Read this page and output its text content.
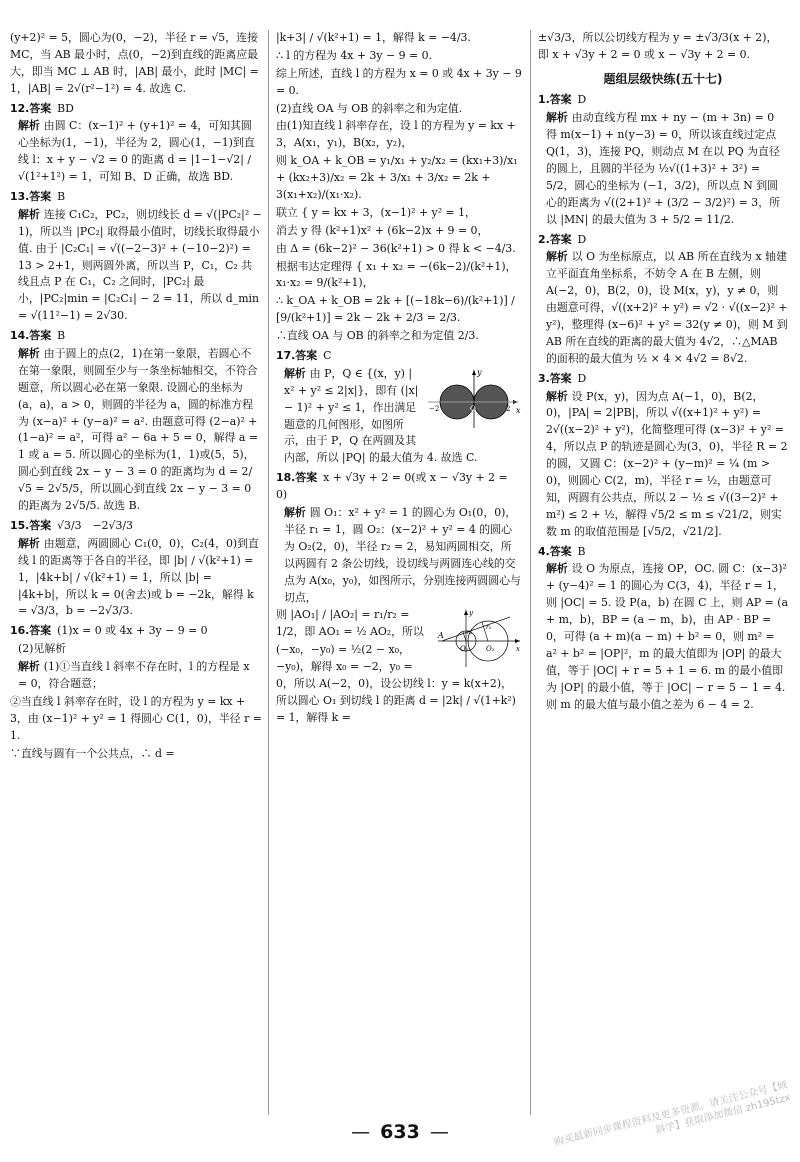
(y+2)² = 5，圆心为(0，−2)，半径 r = √5，连接 MC，当 AB 最小时，点(0，−2)到直线的距离应最大，即当 MC ⊥ AB 时，|AB| 最小，此时 |MC| = 1，|AB| = 2√(r²−1²) = 4. 故选 C.

12.答案 BD

解析 由圆 C：(x−1)² + (y+1)² = 4，可知其圆心坐标为(1，−1)，半径为 2，圆心(1，−1)到直线 l：x + y − √2 = 0 的距离 d = |1−1−√2| / √(1²+1²) = 1，可知 B、D 正确，故选 BD.

13.答案 B

解析 连接 C₁C₂，PC₂，则切线长 d = √(|PC₂|² − 1)，所以当 |PC₂| 取得最小值时，切线长取得最小值. 由于 |C₂C₁| = √((−2−3)² + (−10−2)²) = 13 > 2+1，则两圆外离，所以当 P，C₁，C₂ 共线且点 P 在 C₁，C₂ 之间时，|PC₂| 最小，|PC₂|min = |C₂C₁| − 2 = 11，所以 d_min = √(11²−1) = 2√30.

14.答案 B

解析 由于圆上的点(2，1)在第一象限，若圆心不在第一象限，则圆至少与一条坐标轴相交，不符合题意，所以圆心必在第一象限. 设圆心的坐标为(a，a)，a > 0，则圆的半径为 a，圆的标准方程为 (x−a)² + (y−a)² = a². 由题意可得 (2−a)² + (1−a)² = a²，可得 a² − 6a + 5 = 0，解得 a = 1 或 a = 5. 所以圆心的坐标为(1，1)或(5，5)，圆心到直线 2x − y − 3 = 0 的距离均为 d = 2/√5 = 2√5/5，所以圆心到直线 2x − y − 3 = 0 的距离为 2√5/5. 故选 B.

15.答案 √3/3　−2√3/3

解析 由题意，两圆圆心 C₁(0，0)，C₂(4，0)到直线 l 的距离等于各自的半径，即 |b| / √(k²+1) = 1，|4k+b| / √(k²+1) = 1，所以 |b| = |4k+b|，所以 k = 0(舍去)或 b = −2k，解得 k = √3/3，b = −2√3/3.

16.答案 (1)x = 0 或 4x + 3y − 9 = 0

(2)见解析

解析 (1)①当直线 l 斜率不存在时，l 的方程是 x = 0，符合题意；

②当直线 l 斜率存在时，设 l 的方程为 y = kx + 3，由 (x−1)² + y² = 1 得圆心 C(1，0)，半径 r = 1.

∵直线与圆有一个公共点，∴ d =

|k+3| / √(k²+1) = 1，解得 k = −4/3.

∴ l 的方程为 4x + 3y − 9 = 0.

综上所述，直线 l 的方程为 x = 0 或 4x + 3y − 9 = 0.

(2)直线 OA 与 OB 的斜率之和为定值.

由(1)知直线 l 斜率存在，设 l 的方程为 y = kx + 3，A(x₁，y₁)，B(x₂，y₂)，

则 k_OA + k_OB = y₁/x₁ + y₂/x₂ = (kx₁+3)/x₁ + (kx₂+3)/x₂ = 2k + 3/x₁ + 3/x₂ = 2k + 3(x₁+x₂)/(x₁·x₂).

联立 { y = kx + 3，(x−1)² + y² = 1，

消去 y 得 (k²+1)x² + (6k−2)x + 9 = 0，

由 Δ = (6k−2)² − 36(k²+1) > 0 得 k < −4/3.

根据韦达定理得 { x₁ + x₂ = −(6k−2)/(k²+1)，x₁·x₂ = 9/(k²+1)，

∴ k_OA + k_OB = 2k + [(−18k−6)/(k²+1)] / [9/(k²+1)] = 2k − 2k + 2/3 = 2/3.

∴直线 OA 与 OB 的斜率之和为定值 2/3.

17.答案 C

x
y
O
−2	2
解析 由 P，Q ∈ {(x，y) | x² + y² ≤ 2|x|}，即有 (|x| − 1)² + y² ≤ 1，作出满足题意的几何图形，如图所示，由于 P，Q 在两圆及其内部，所以 |PQ| 的最大值为 4. 故选 C.

18.答案 x + √3y + 2 = 0(或 x − √3y + 2 = 0)

解析 圆 O₁：x² + y² = 1 的圆心为 O₁(0，0)，半径 r₁ = 1，圆 O₂：(x−2)² + y² = 4 的圆心为 O₂(2，0)，半径 r₂ = 2，易知两圆相交，所以两圆有 2 条公切线，设切线与两圆连心线的交点为 A(x₀，y₀)，如图所示，分别连接两圆圆心与切点，

A
O₁ O₂
r₁
r₂
x
y
则 |AO₁| / |AO₂| = r₁/r₂ = 1/2，即 AO₁ = ½ AO₂，所以

(−x₀，−y₀) = ½(2 − x₀，−y₀)，解得 x₀ = −2，y₀ = 0，所以 A(−2，0)，设公切线 l：y = k(x+2)，所以圆心 O₁ 到切线 l 的距离 d = |2k| / √(1+k²) = 1，解得 k =

±√3/3，所以公切线方程为 y = ±√3/3(x + 2)，即 x + √3y + 2 = 0 或 x − √3y + 2 = 0.

题组层级快练(五十七)

1.答案 D

解析 由动直线方程 mx + ny − (m + 3n) = 0 得 m(x−1) + n(y−3) = 0，所以该直线过定点 Q(1，3)，连接 PQ，则动点 M 在以 PQ 为直径的圆上，且圆的半径为 ½√((1+3)² + 3²) = 5/2，圆心的坐标为 (−1，3/2)，所以点 N 到圆心的距离为 √((2+1)² + (3/2 − 3/2)²) = 3，所以 |MN| 的最大值为 3 + 5/2 = 11/2.

2.答案 D

解析 以 O 为坐标原点，以 AB 所在直线为 x 轴建立平面直角坐标系，不妨令 A 在 B 左侧，则 A(−2，0)，B(2，0)，设 M(x，y)，y ≠ 0，则由题意可得，√((x+2)² + y²) = √2 · √((x−2)² + y²)，整理得 (x−6)² + y² = 32(y ≠ 0)，则 M 到 AB 所在直线的距离的最大值为 4√2，∴△MAB 的面积的最大值为 ½ × 4 × 4√2 = 8√2.

3.答案 D

解析 设 P(x，y)，因为点 A(−1，0)，B(2，0)，|PA| = 2|PB|，所以 √((x+1)² + y²) = 2√((x−2)² + y²)，化简整理可得 (x−3)² + y² = 4，所以点 P 的轨迹是圆心为(3，0)，半径 R = 2 的圆，又圆 C：(x−2)² + (y−m)² = ¼ (m > 0)，则圆心 C(2，m)，半径 r = ½，由题意可知，两圆有公共点，所以 2 − ½ ≤ √((3−2)² + m²) ≤ 2 + ½，解得 √5/2 ≤ m ≤ √21/2，则实数 m 的取值范围是 [√5/2，√21/2].

4.答案 B

解析 设 O 为原点，连接 OP，OC. 圆 C：(x−3)² + (y−4)² = 1 的圆心为 C(3，4)，半径 r = 1，则 |OC| = 5. 设 P(a，b) 在圆 C 上，则 AP = (a + m，b)，BP = (a − m，b)，由 AP · BP = 0，可得 (a + m)(a − m) + b² = 0，则 m² = a² + b² = |OP|²，m 的最大值即为 |OP| 的最大值，等于 |OC| + r = 5 + 1 = 6. m 的最小值即为 |OP| 的最小值，等于 |OC| − r = 5 − 1 = 4. 则 m 的最大值与最小值之差为 6 − 4 = 2.

— 633 —	购买最新同步课程资料及更多资源，请关注公众号【倾斜学】获取添加微信 zh195tzx
